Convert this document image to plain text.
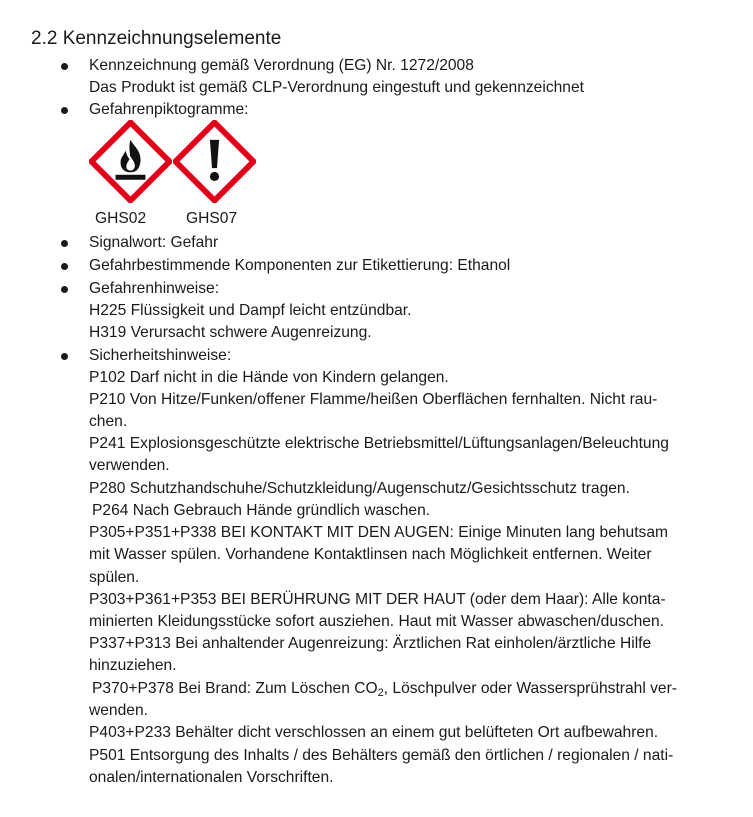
2.2 Kennzeichnungselemente
Kennzeichnung gemäß Verordnung (EG) Nr. 1272/2008
Das Produkt ist gemäß CLP-Verordnung eingestuft und gekennzeichnet
Gefahrenpiktogramme:
GHS02	GHS07
Signalwort: Gefahr
Gefahrbestimmende Komponenten zur Etikettierung: Ethanol
Gefahrenhinweise:
H225 Flüssigkeit und Dampf leicht entzündbar.
H319 Verursacht schwere Augenreizung.
Sicherheitshinweise:
P102 Darf nicht in die Hände von Kindern gelangen.
P210 Von Hitze/Funken/offener Flamme/heißen Oberflächen fernhalten. Nicht rau-
chen.
P241 Explosionsgeschützte elektrische Betriebsmittel/Lüftungsanlagen/Beleuchtung
verwenden.
P280 Schutzhandschuhe/Schutzkleidung/Augenschutz/Gesichtsschutz tragen.
P264 Nach Gebrauch Hände gründlich waschen.
P305+P351+P338 BEI KONTAKT MIT DEN AUGEN: Einige Minuten lang behutsam
mit Wasser spülen. Vorhandene Kontaktlinsen nach Möglichkeit entfernen. Weiter
spülen.
P303+P361+P353 BEI BERÜHRUNG MIT DER HAUT (oder dem Haar): Alle konta-
minierten Kleidungsstücke sofort ausziehen. Haut mit Wasser abwaschen/duschen.
P337+P313 Bei anhaltender Augenreizung: Ärztlichen Rat einholen/ärztliche Hilfe
hinzuziehen.
P370+P378 Bei Brand: Zum Löschen $CO_2$, Löschpulver oder Wassersprühstrahl ver-
wenden.
P403+P233 Behälter dicht verschlossen an einem gut belüfteten Ort aufbewahren.
P501 Entsorgung des Inhalts / des Behälters gemäß den örtlichen / regionalen / nati-
onalen/internationalen Vorschriften.
